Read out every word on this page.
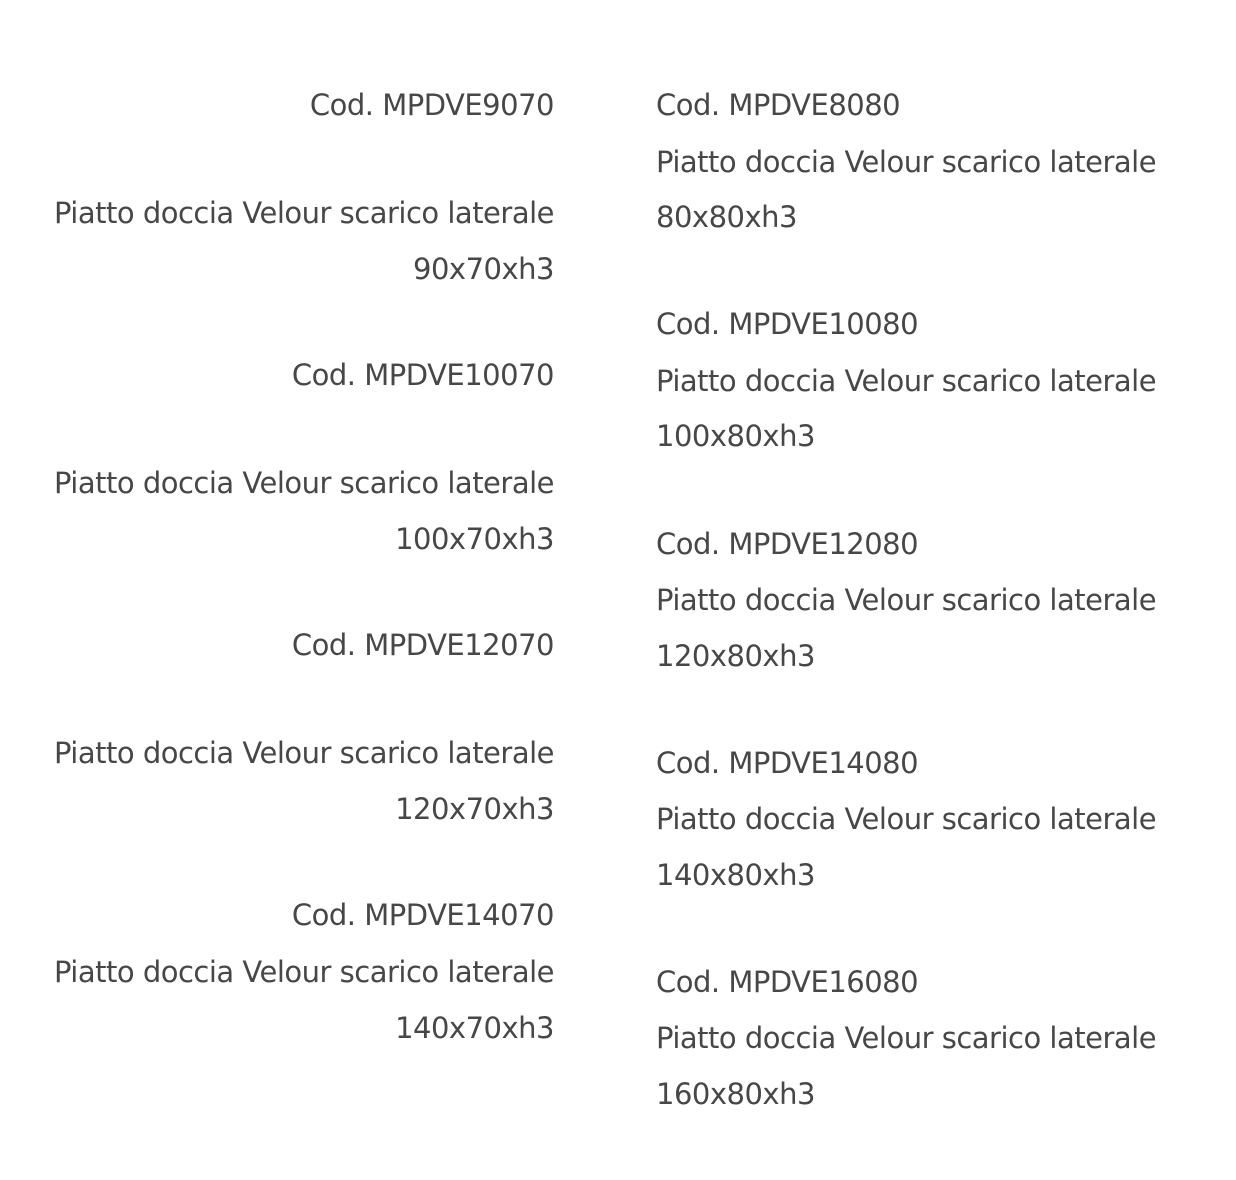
Cod. MPDVE9070
Piatto doccia Velour scarico laterale
90x70xh3
Cod. MPDVE10070
Piatto doccia Velour scarico laterale
100x70xh3
Cod. MPDVE12070
Piatto doccia Velour scarico laterale
120x70xh3
Cod. MPDVE14070
Piatto doccia Velour scarico laterale
140x70xh3
Cod. MPDVE8080
Piatto doccia Velour scarico laterale
80x80xh3
Cod. MPDVE10080
Piatto doccia Velour scarico laterale
100x80xh3
Cod. MPDVE12080
Piatto doccia Velour scarico laterale
120x80xh3
Cod. MPDVE14080
Piatto doccia Velour scarico laterale
140x80xh3
Cod. MPDVE16080
Piatto doccia Velour scarico laterale
160x80xh3
